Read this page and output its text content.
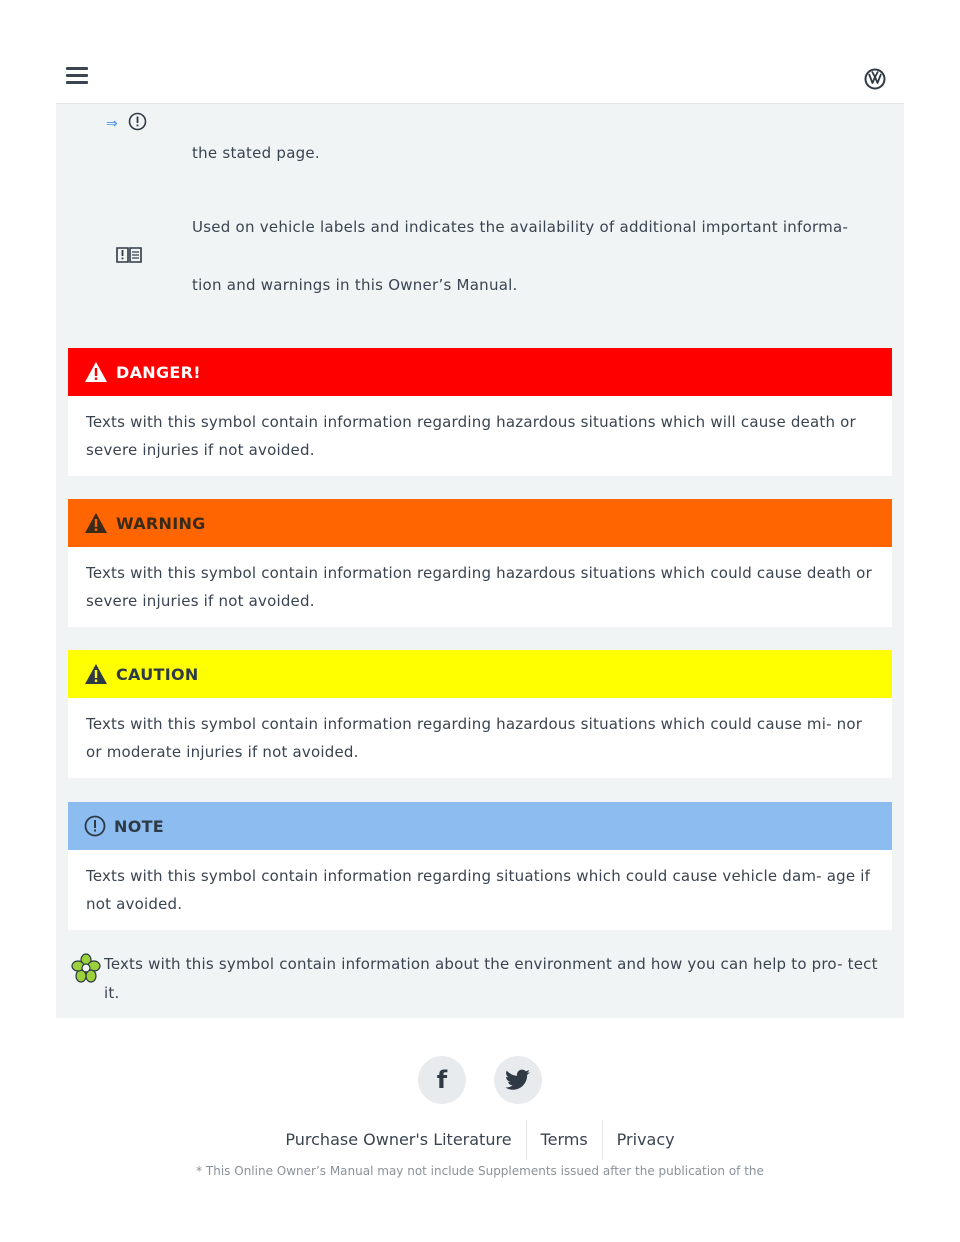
⇒

the stated page.

Used on vehicle labels and indicates the availability of additional important informa-

tion and warnings in this Owner’s Manual.

DANGER!

Texts with this symbol contain information regarding hazardous situations which will cause death or severe injuries if not avoided.

WARNING

Texts with this symbol contain information regarding hazardous situations which could cause death or severe injuries if not avoided.

CAUTION

Texts with this symbol contain information regarding hazardous situations which could cause mi- nor or moderate injuries if not avoided.

NOTE

Texts with this symbol contain information regarding situations which could cause vehicle dam- age if not avoided.

Texts with this symbol contain information about the environment and how you can help to pro- tect it.

f
Purchase Owner's Literature	Terms	Privacy

* This Online Owner’s Manual may not include Supplements issued after the publication of the
